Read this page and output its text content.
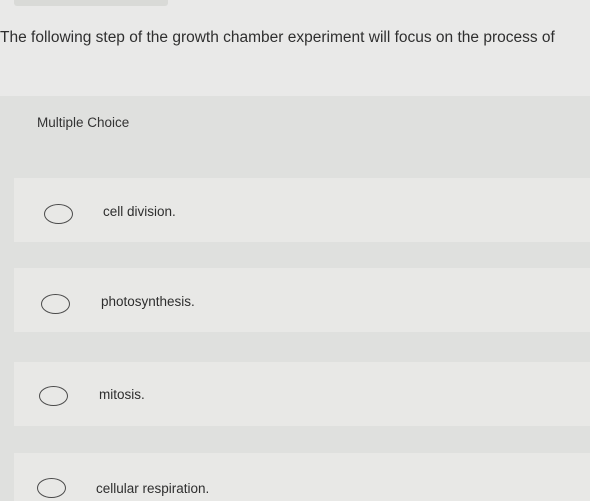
The following step of the growth chamber experiment will focus on the process of
Multiple Choice
cell division.
photosynthesis.
mitosis.
cellular respiration.
